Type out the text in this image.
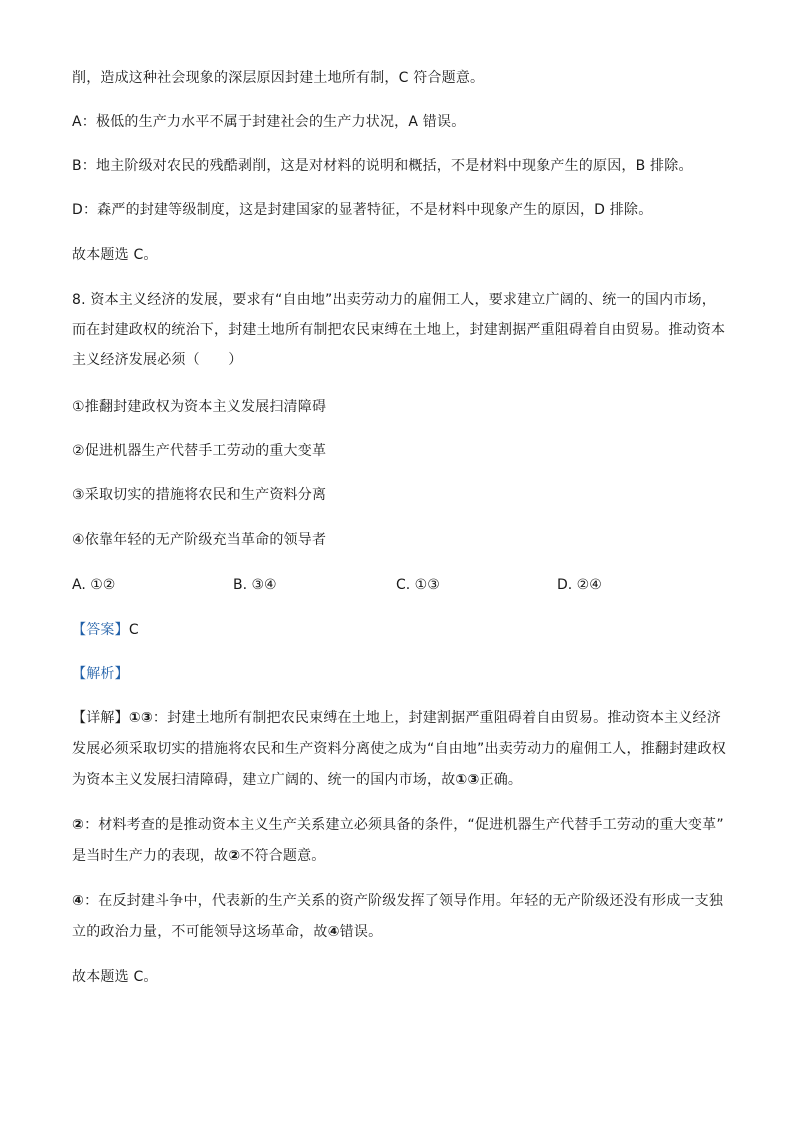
削，造成这种社会现象的深层原因封建土地所有制，C 符合题意。
A：极低的生产力水平不属于封建社会的生产力状况，A 错误。
B：地主阶级对农民的残酷剥削，这是对材料的说明和概括，不是材料中现象产生的原因，B 排除。
D：森严的封建等级制度，这是封建国家的显著特征，不是材料中现象产生的原因，D 排除。
故本题选 C。
8. 资本主义经济的发展，要求有“自由地”出卖劳动力的雇佣工人，要求建立广阔的、统一的国内市场，
而在封建政权的统治下，封建土地所有制把农民束缚在土地上，封建割据严重阻碍着自由贸易。推动资本
主义经济发展必须（　　）
①推翻封建政权为资本主义发展扫清障碍
②促进机器生产代替手工劳动的重大变革
③采取切实的措施将农民和生产资料分离
④依靠年轻的无产阶级充当革命的领导者
A. ①②	B. ③④	C. ①③	D. ②④
【答案】C
【解析】
【详解】①③：封建土地所有制把农民束缚在土地上，封建割据严重阻碍着自由贸易。推动资本主义经济
发展必须采取切实的措施将农民和生产资料分离使之成为“自由地”出卖劳动力的雇佣工人，推翻封建政权
为资本主义发展扫清障碍，建立广阔的、统一的国内市场，故①③正确。
②：材料考查的是推动资本主义生产关系建立必须具备的条件，“促进机器生产代替手工劳动的重大变革”
是当时生产力的表现，故②不符合题意。
④：在反封建斗争中，代表新的生产关系的资产阶级发挥了领导作用。年轻的无产阶级还没有形成一支独
立的政治力量，不可能领导这场革命，故④错误。
故本题选 C。
